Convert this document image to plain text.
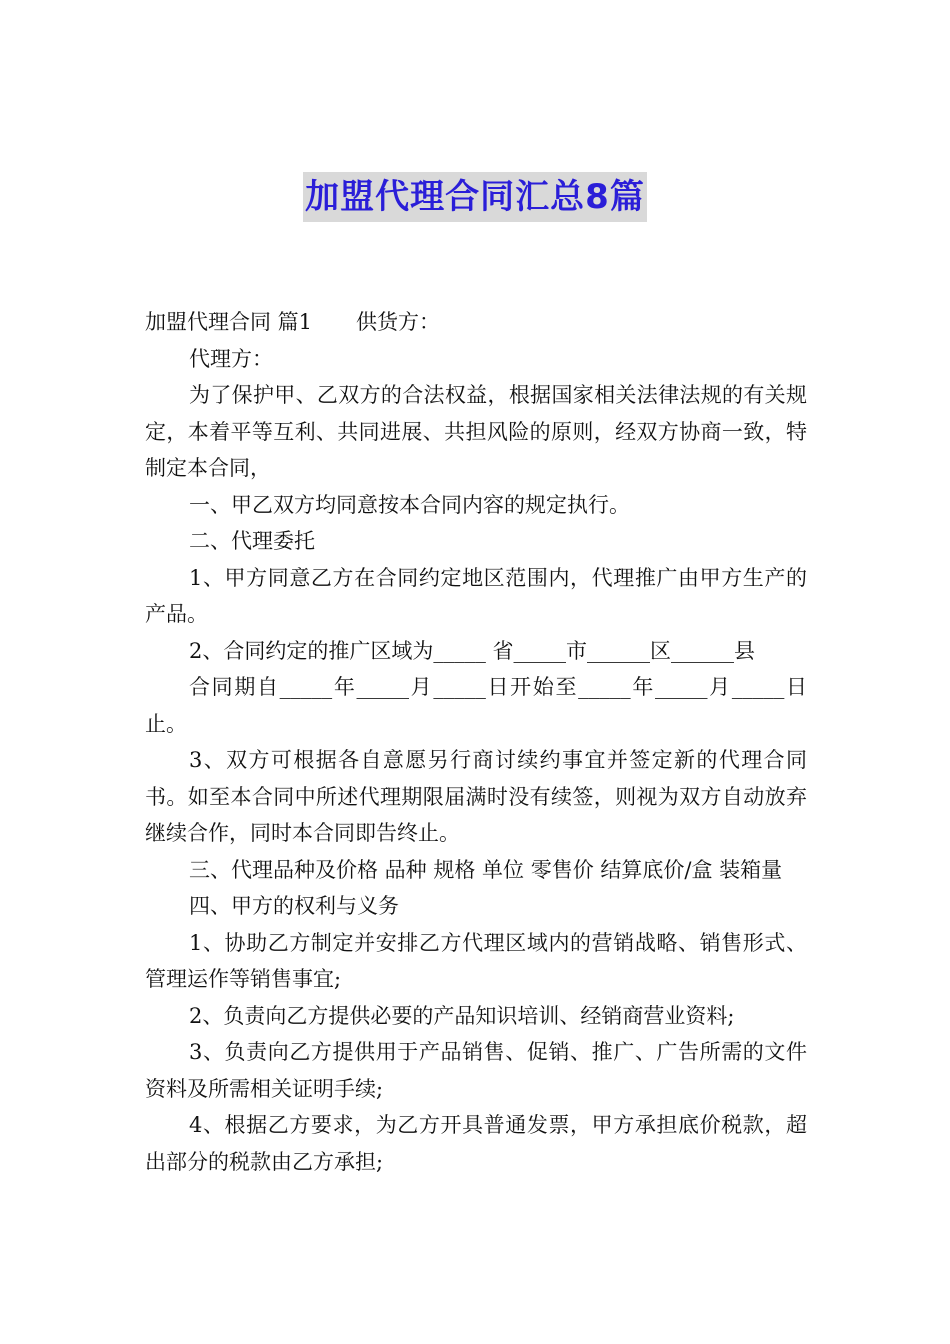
加盟代理合同汇总8篇

加盟代理合同 篇1 供货方：

代理方：

为了保护甲、乙双方的合法权益，根据国家相关法律法规的有关规定，本着平等互利、共同进展、共担风险的原则，经双方协商一致，特制定本合同，

一、甲乙双方均同意按本合同内容的规定执行。

二、代理委托

1、甲方同意乙方在合同约定地区范围内，代理推广由甲方生产的产品。

2、合同约定的推广区域为_____ 省_____市______区______县

合同期自_____年_____月_____日开始至_____年_____月_____日止。

3、双方可根据各自意愿另行商讨续约事宜并签定新的代理合同书。如至本合同中所述代理期限届满时没有续签，则视为双方自动放弃继续合作，同时本合同即告终止。

三、代理品种及价格 品种 规格 单位 零售价 结算底价/盒 装箱量

四、甲方的权利与义务

1、协助乙方制定并安排乙方代理区域内的营销战略、销售形式、管理运作等销售事宜;

2、负责向乙方提供必要的产品知识培训、经销商营业资料;

3、负责向乙方提供用于产品销售、促销、推广、广告所需的文件资料及所需相关证明手续;

4、根据乙方要求，为乙方开具普通发票，甲方承担底价税款，超出部分的税款由乙方承担;
